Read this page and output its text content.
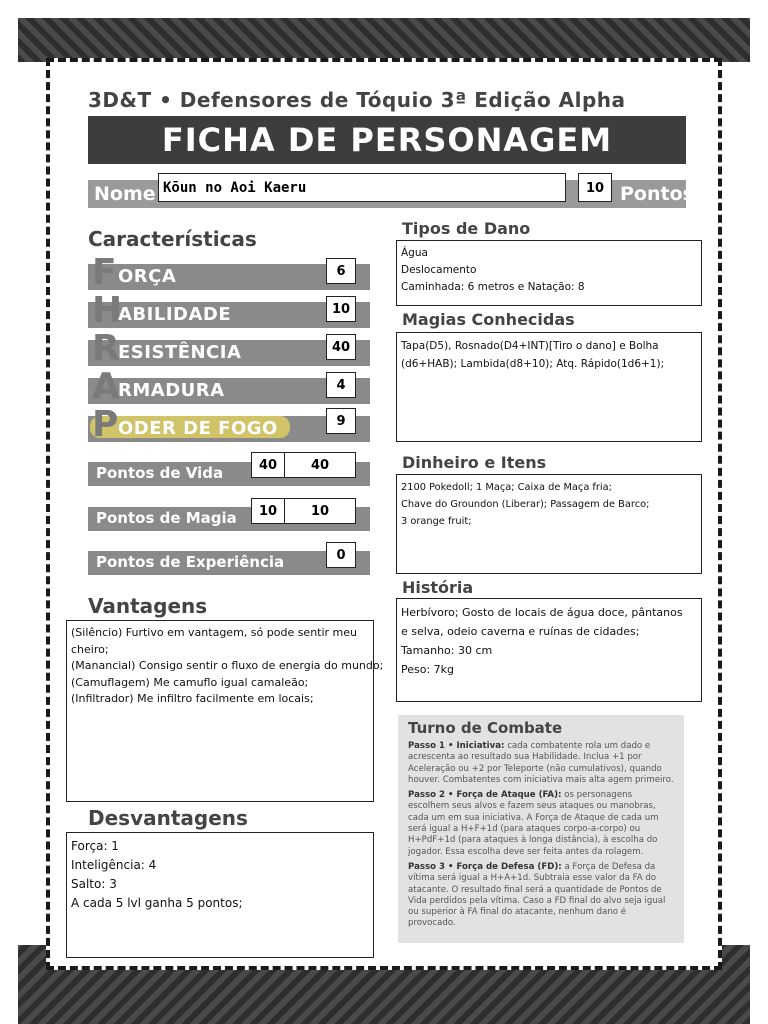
3D&T • Defensores de Tóquio 3ª Edição Alpha
FICHA DE PERSONAGEM
Nome Kōun no Aoi Kaeru	10 Pontos
Características
F ORÇA	6
H
ABILIDADE	10
R
ESISTÊNCIA	40
A
RMADURA	4
P ODER DE FOGO	9
Pontos de Vida	40	40
Pontos de Magia	10	10
Pontos de Experiência	0
Vantagens
(Silêncio) Furtivo em vantagem, só pode sentir meu
cheiro;
(Manancial) Consigo sentir o fluxo de energia do mundo;
(Camuflagem) Me camuflo igual camaleão;
(Infiltrador) Me infiltro facilmente em locais;
Desvantagens
Força: 1
Inteligência: 4
Salto: 3
A cada 5 lvl ganha 5 pontos;
Tipos de Dano
Água
Deslocamento
Caminhada: 6 metros e Natação: 8
Magias Conhecidas
Tapa(D5), Rosnado(D4+INT)[Tiro o dano] e Bolha
(d6+HAB); Lambida(d8+10); Atq. Rápido(1d6+1);
Dinheiro e Itens
2100 Pokedoll; 1 Maça; Caixa de Maça fria;
Chave do Groundon (Liberar); Passagem de Barco;
3 orange fruit;
História
Herbívoro; Gosto de locais de água doce, pântanos
e selva, odeio caverna e ruínas de cidades;
Tamanho: 30 cm
Peso: 7kg
Turno de Combate

Passo 1 • Iniciativa: cada combatente rola um dado e acrescenta ao resultado sua Habilidade. Inclua +1 por Aceleração ou +2 por Teleporte (não cumulativos), quando houver. Combatentes com iniciativa mais alta agem primeiro.

Passo 2 • Força de Ataque (FA): os personagens escolhem seus alvos e fazem seus ataques ou manobras, cada um em sua iniciativa. A Força de Ataque de cada um será igual a H+F+1d (para ataques corpo-a-corpo) ou H+PdF+1d (para ataques à longa distância), à escolha do jogador. Essa escolha deve ser feita antes da rolagem.

Passo 3 • Força de Defesa (FD): a Força de Defesa da vítima será igual a H+A+1d. Subtraia esse valor da FA do atacante. O resultado final será a quantidade de Pontos de Vida perdidos pela vítima. Caso a FD final do alvo seja igual ou superior à FA final do atacante, nenhum dano é provocado.
